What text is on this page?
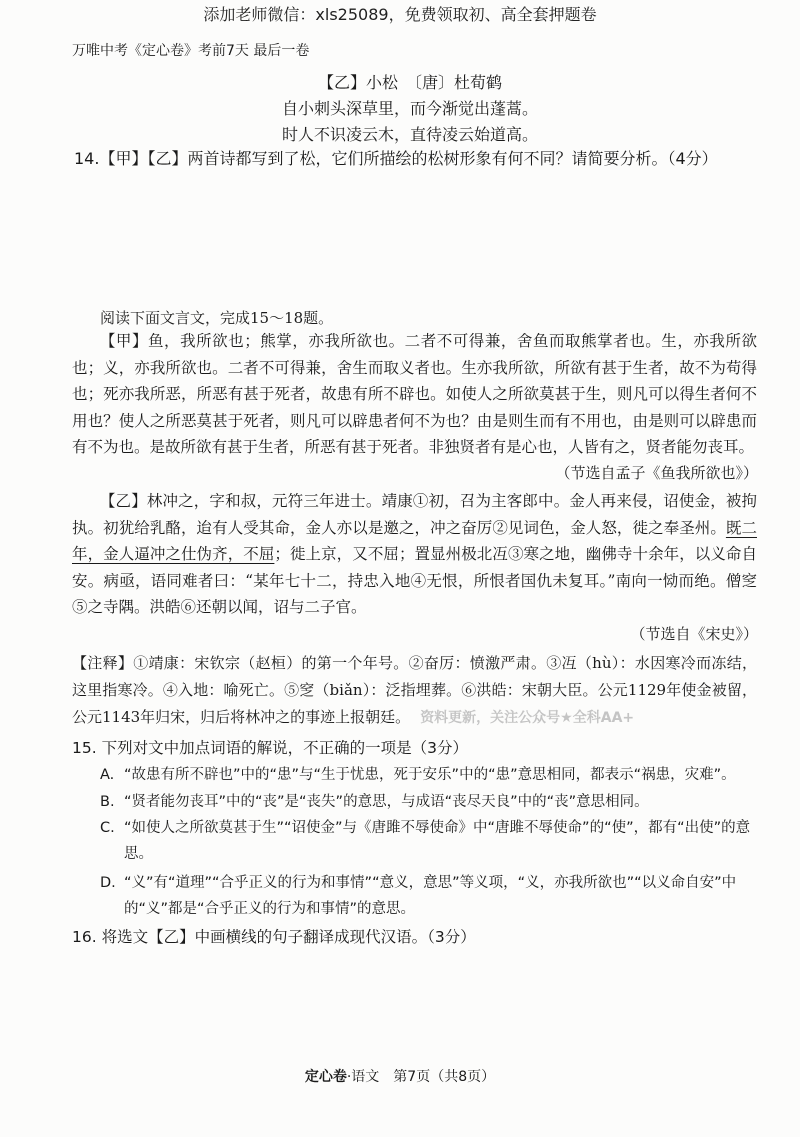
添加老师微信：xls25089，免费领取初、高全套押题卷
万唯中考《定心卷》考前7天 最后一卷
【乙】小松　〔唐〕杜荀鹤
自小刺头深草里，而今渐觉出蓬蒿。
时人不识凌云木，直待凌云始道高。
14.【甲】【乙】两首诗都写到了松，它们所描绘的松树形象有何不同？请简要分析。（4分）
阅读下面文言文，完成15～18题。
【甲】鱼，我所欲也；熊掌，亦我所欲也。二者不可得兼，舍鱼而取熊掌者也。生，亦我所欲也；义，亦我所欲也。二者不可得兼，舍生而取义者也。生亦我所欲，所欲有甚于生者，故不为苟得也；死亦我所恶，所恶有甚于死者，故患有所不辟也。如使人之所欲莫甚于生，则凡可以得生者何不用也？使人之所恶莫甚于死者，则凡可以辟患者何不为也？由是则生而有不用也，由是则可以辟患而有不为也。是故所欲有甚于生者，所恶有甚于死者。非独贤者有是心也，人皆有之，贤者能勿丧耳。
（节选自孟子《鱼我所欲也》）
【乙】林冲之，字和叔，元符三年进士。靖康①初，召为主客郎中。金人再来侵，诏使金，被拘执。初犹给乳酪，迨有人受其命，金人亦以是邀之，冲之奋厉②见词色，金人怒，徙之奉圣州。既二年，金人逼冲之仕伪齐，不屈；徙上京，又不屈；置显州极北冱③寒之地，幽佛寺十余年，以义命自安。病亟，语同难者曰：“某年七十二，持忠入地④无恨，所恨者国仇未复耳。”南向一恸而绝。僧窆⑤之寺隅。洪皓⑥还朝以闻，诏与二子官。
（节选自《宋史》）
【注释】①靖康：宋钦宗（赵桓）的第一个年号。②奋厉：愤激严肃。③冱（hù）：水因寒冷而冻结，这里指寒冷。④入地：喻死亡。⑤窆（biǎn）：泛指埋葬。⑥洪皓：宋朝大臣。公元1129年使金被留，公元1143年归宋，归后将林冲之的事迹上报朝廷。 资料更新，关注公众号★全科AA+
15. 下列对文中加点词语的解说，不正确的一项是（3分）
A. “故患有所不辟也”中的“患”与“生于忧患，死于安乐”中的“患”意思相同，都表示“祸患，灾难”。
B. “贤者能勿丧耳”中的“丧”是“丧失”的意思，与成语“丧尽天良”中的“丧”意思相同。
C. “如使人之所欲莫甚于生”“诏使金”与《唐雎不辱使命》中“唐雎不辱使命”的“使”，都有“出使”的意思。
D. “义”有“道理”“合乎正义的行为和事情”“意义，意思”等义项，“义，亦我所欲也”“以义命自安”中的“义”都是“合乎正义的行为和事情”的意思。
16. 将选文【乙】中画横线的句子翻译成现代汉语。（3分）
定心卷·语文　第7页（共8页）
